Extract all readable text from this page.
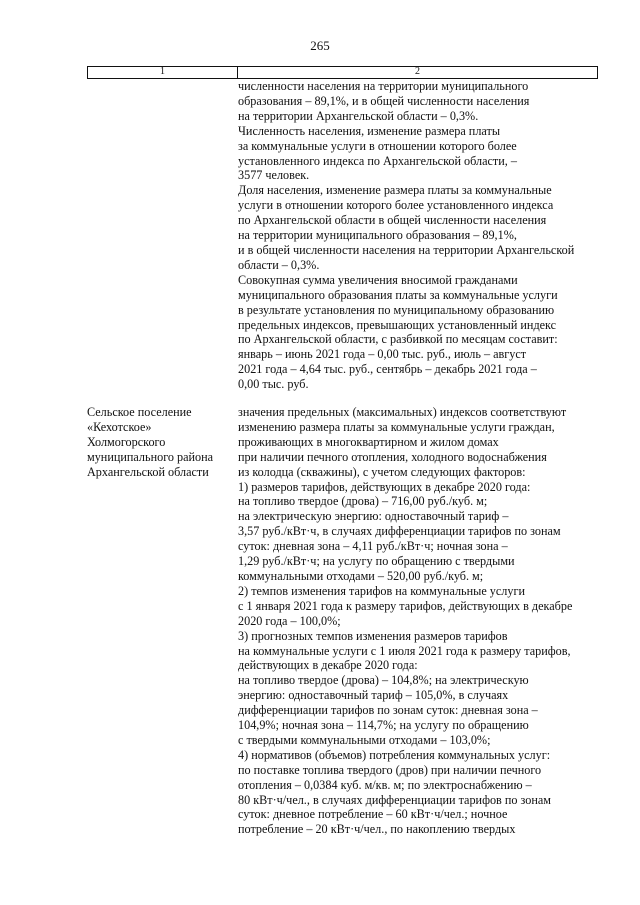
265
1	2
численности населения на территории муниципального
образования – 89,1%, и в общей численности населения
на территории Архангельской области – 0,3%.
Численность населения, изменение размера платы
за коммунальные услуги в отношении которого более
установленного индекса по Архангельской области, –
3577 человек.
Доля населения, изменение размера платы за коммунальные
услуги в отношении которого более установленного индекса
по Архангельской области в общей численности населения
на территории муниципального образования – 89,1%,
и в общей численности населения на территории Архангельской
области – 0,3%.
Совокупная сумма увеличения вносимой гражданами
муниципального образования платы за коммунальные услуги
в результате установления по муниципальному образованию
предельных индексов, превышающих установленный индекс
по Архангельской области, с разбивкой по месяцам составит:
январь – июнь 2021 года – 0,00 тыс. руб., июль – август
2021 года – 4,64 тыс. руб., сентябрь – декабрь 2021 года –
0,00 тыс. руб.
Сельское поселение
«Кехотское»
Холмогорского
муниципального района
Архангельской области
значения предельных (максимальных) индексов соответствуют
изменению размера платы за коммунальные услуги граждан,
проживающих в многоквартирном и жилом домах
при наличии печного отопления, холодного водоснабжения
из колодца (скважины), с учетом следующих факторов:
1) размеров тарифов, действующих в декабре 2020 года:
на топливо твердое (дрова) – 716,00 руб./куб. м;
на электрическую энергию: одноставочный тариф –
3,57 руб./кВт·ч, в случаях дифференциации тарифов по зонам
суток: дневная зона – 4,11 руб./кВт·ч; ночная зона –
1,29 руб./кВт·ч; на услугу по обращению с твердыми
коммунальными отходами – 520,00 руб./куб. м;
2) темпов изменения тарифов на коммунальные услуги
с 1 января 2021 года к размеру тарифов, действующих в декабре
2020 года – 100,0%;
3) прогнозных темпов изменения размеров тарифов
на коммунальные услуги с 1 июля 2021 года к размеру тарифов,
действующих в декабре 2020 года:
на топливо твердое (дрова) – 104,8%; на электрическую
энергию: одноставочный тариф – 105,0%, в случаях
дифференциации тарифов по зонам суток: дневная зона –
104,9%; ночная зона – 114,7%; на услугу по обращению
с твердыми коммунальными отходами – 103,0%;
4) нормативов (объемов) потребления коммунальных услуг:
по поставке топлива твердого (дров) при наличии печного
отопления – 0,0384 куб. м/кв. м; по электроснабжению –
80 кВт·ч/чел., в случаях дифференциации тарифов по зонам
суток: дневное потребление – 60 кВт·ч/чел.; ночное
потребление – 20 кВт·ч/чел., по накоплению твердых
